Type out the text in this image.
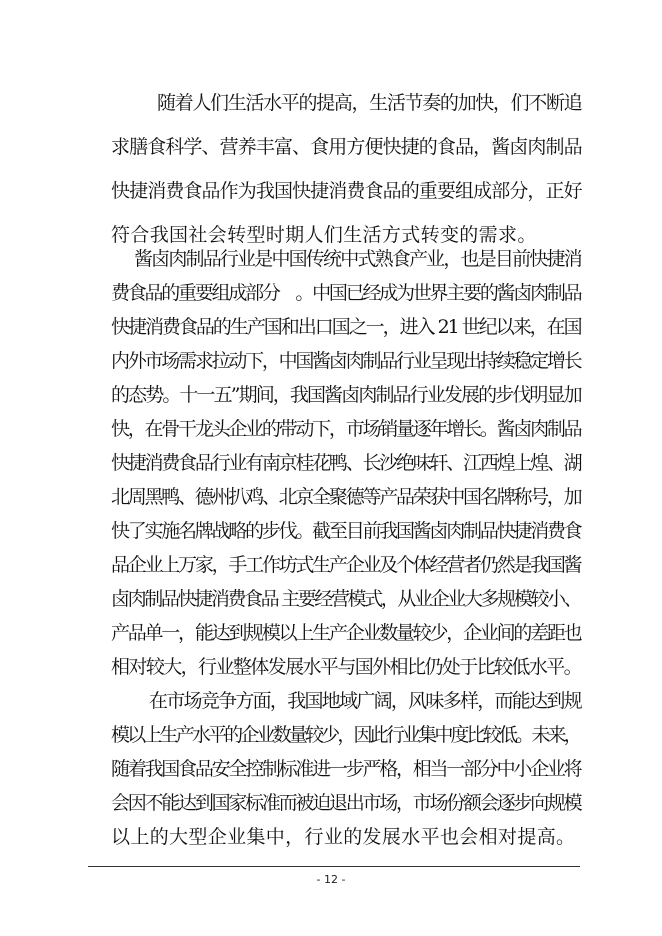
随着人们生活水平的提高，生活节奏的加快，们不断追
求膳食科学、营养丰富、食用方便快捷的食品，酱卤肉制品
快捷消费食品作为我国快捷消费食品的重要组成部分，正好
符合我国社会转型时期人们生活方式转变的需求。
酱卤肉制品行业是中国传统中式熟食产业，也是目前快捷消
费食品的重要组成部分　。中国已经成为世界主要的酱卤肉制品
快捷消费食品的生产国和出口国之一，进入 21 世纪以来，在国
内外市场需求拉动下，中国酱卤肉制品行业呈现出持续稳定增长
的态势。十一五”期间，我国酱卤肉制品行业发展的步伐明显加
快，在骨干龙头企业的带动下，市场销量逐年增长。酱卤肉制品
快捷消费食品行业有南京桂花鸭、长沙绝味轩、江西煌上煌、湖
北周黑鸭、德州扒鸡、北京全聚德等产品荣获中国名牌称号，加
快了实施名牌战略的步伐。截至目前我国酱卤肉制品快捷消费食
品企业上万家，手工作坊式生产企业及个体经营者仍然是我国酱
卤肉制品快捷消费食品 主要经营模式，从业企业大多规模较小、
产品单一，能达到规模以上生产企业数量较少，企业间的差距也
相对较大，行业整体发展水平与国外相比仍处于比较低水平。
在市场竞争方面，我国地域广阔，风味多样，而能达到规
模以上生产水平的企业数量较少，因此行业集中度比较低。未来，
随着我国食品安全控制标准进一步严格，相当一部分中小企业将
会因不能达到国家标准而被迫退出市场，市场份额会逐步向规模
以上的大型企业集中，行业的发展水平也会相对提高。
- 12 -
